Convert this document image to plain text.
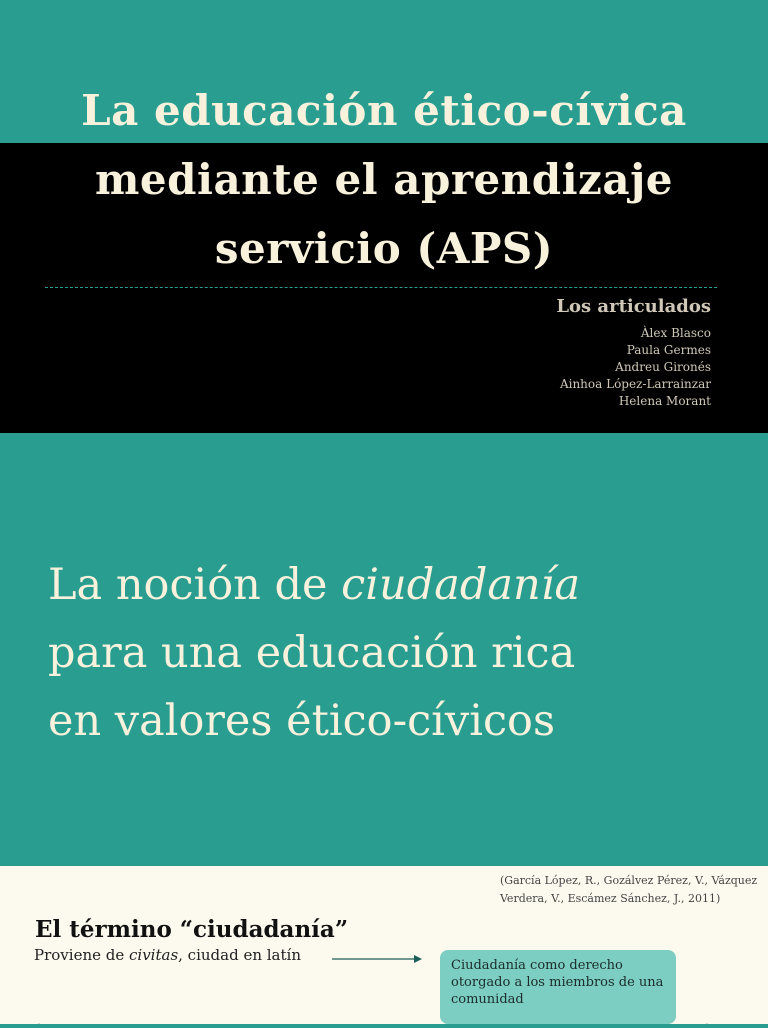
La educación ético-cívica
mediante el aprendizaje
servicio (APS)
Los articulados
Àlex Blasco
Paula Germes
Andreu Gironés
Ainhoa López-Larrainzar
Helena Morant
La noción de ciudadanía
para una educación rica
en valores ético-cívicos

(García López, R., Gozálvez Pérez, V., Vázquez Verdera, V., Escámez Sánchez, J., 2011)

El término “ciudadanía”

Proviene de civitas, ciudad en latín

Ciudadanía como derecho otorgado a los miembros de una comunidad
·	·
